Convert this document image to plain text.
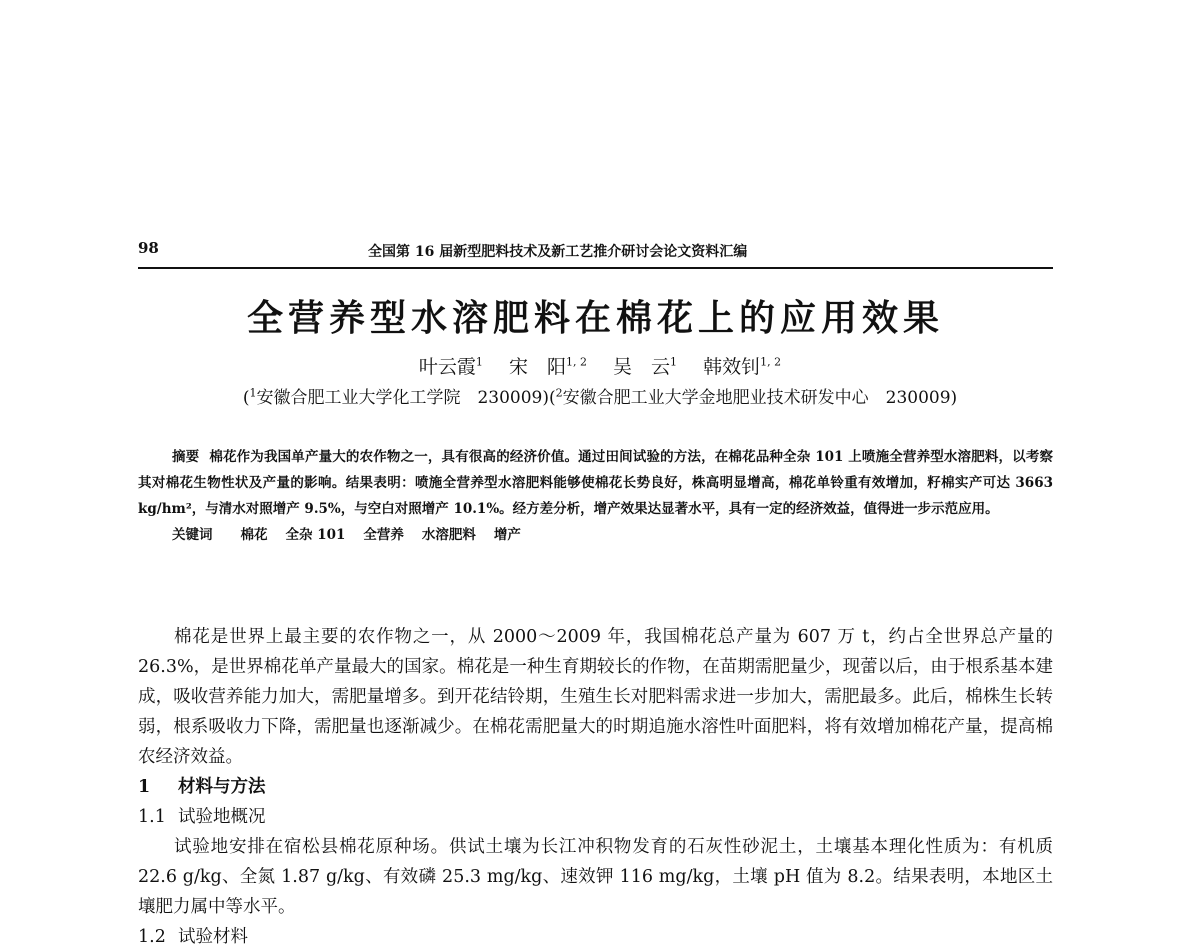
98	全国第 16 届新型肥料技术及新工艺推介研讨会论文资料汇编
全营养型水溶肥料在棉花上的应用效果
叶云霞$^1$ 宋　阳$^{1, 2}$ 吴　云$^1$ 韩效钊$^{1, 2}$
($^1$安徽合肥工业大学化工学院　230009)($^2$安徽合肥工业大学金地肥业技术研发中心　230009)

摘要 棉花作为我国单产量大的农作物之一，具有很高的经济价值。通过田间试验的方法，在棉花品种全杂 101 上喷施全营养型水溶肥料，以考察其对棉花生物性状及产量的影响。结果表明：喷施全营养型水溶肥料能够使棉花长势良好，株高明显增高，棉花单铃重有效增加，籽棉实产可达 3663 kg/hm²，与清水对照增产 9.5%，与空白对照增产 10.1%。经方差分析，增产效果达显著水平，具有一定的经济效益，值得进一步示范应用。

关键词 棉花 全杂 101 全营养 水溶肥料 增产

棉花是世界上最主要的农作物之一，从 2000～2009 年，我国棉花总产量为 607 万 t，约占全世界总产量的 26.3%，是世界棉花单产量最大的国家。棉花是一种生育期较长的作物，在苗期需肥量少，现蕾以后，由于根系基本建成，吸收营养能力加大，需肥量增多。到开花结铃期，生殖生长对肥料需求进一步加大，需肥最多。此后，棉株生长转弱，根系吸收力下降，需肥量也逐渐减少。在棉花需肥量大的时期追施水溶性叶面肥料，将有效增加棉花产量，提高棉农经济效益。

1 材料与方法

1.1 试验地概况

试验地安排在宿松县棉花原种场。供试土壤为长江冲积物发育的石灰性砂泥土，土壤基本理化性质为：有机质 22.6 g/kg、全氮 1.87 g/kg、有效磷 25.3 mg/kg、速效钾 116 mg/kg，土壤 pH 值为 8.2。结果表明，本地区土壤肥力属中等水平。

1.2 试验材料
